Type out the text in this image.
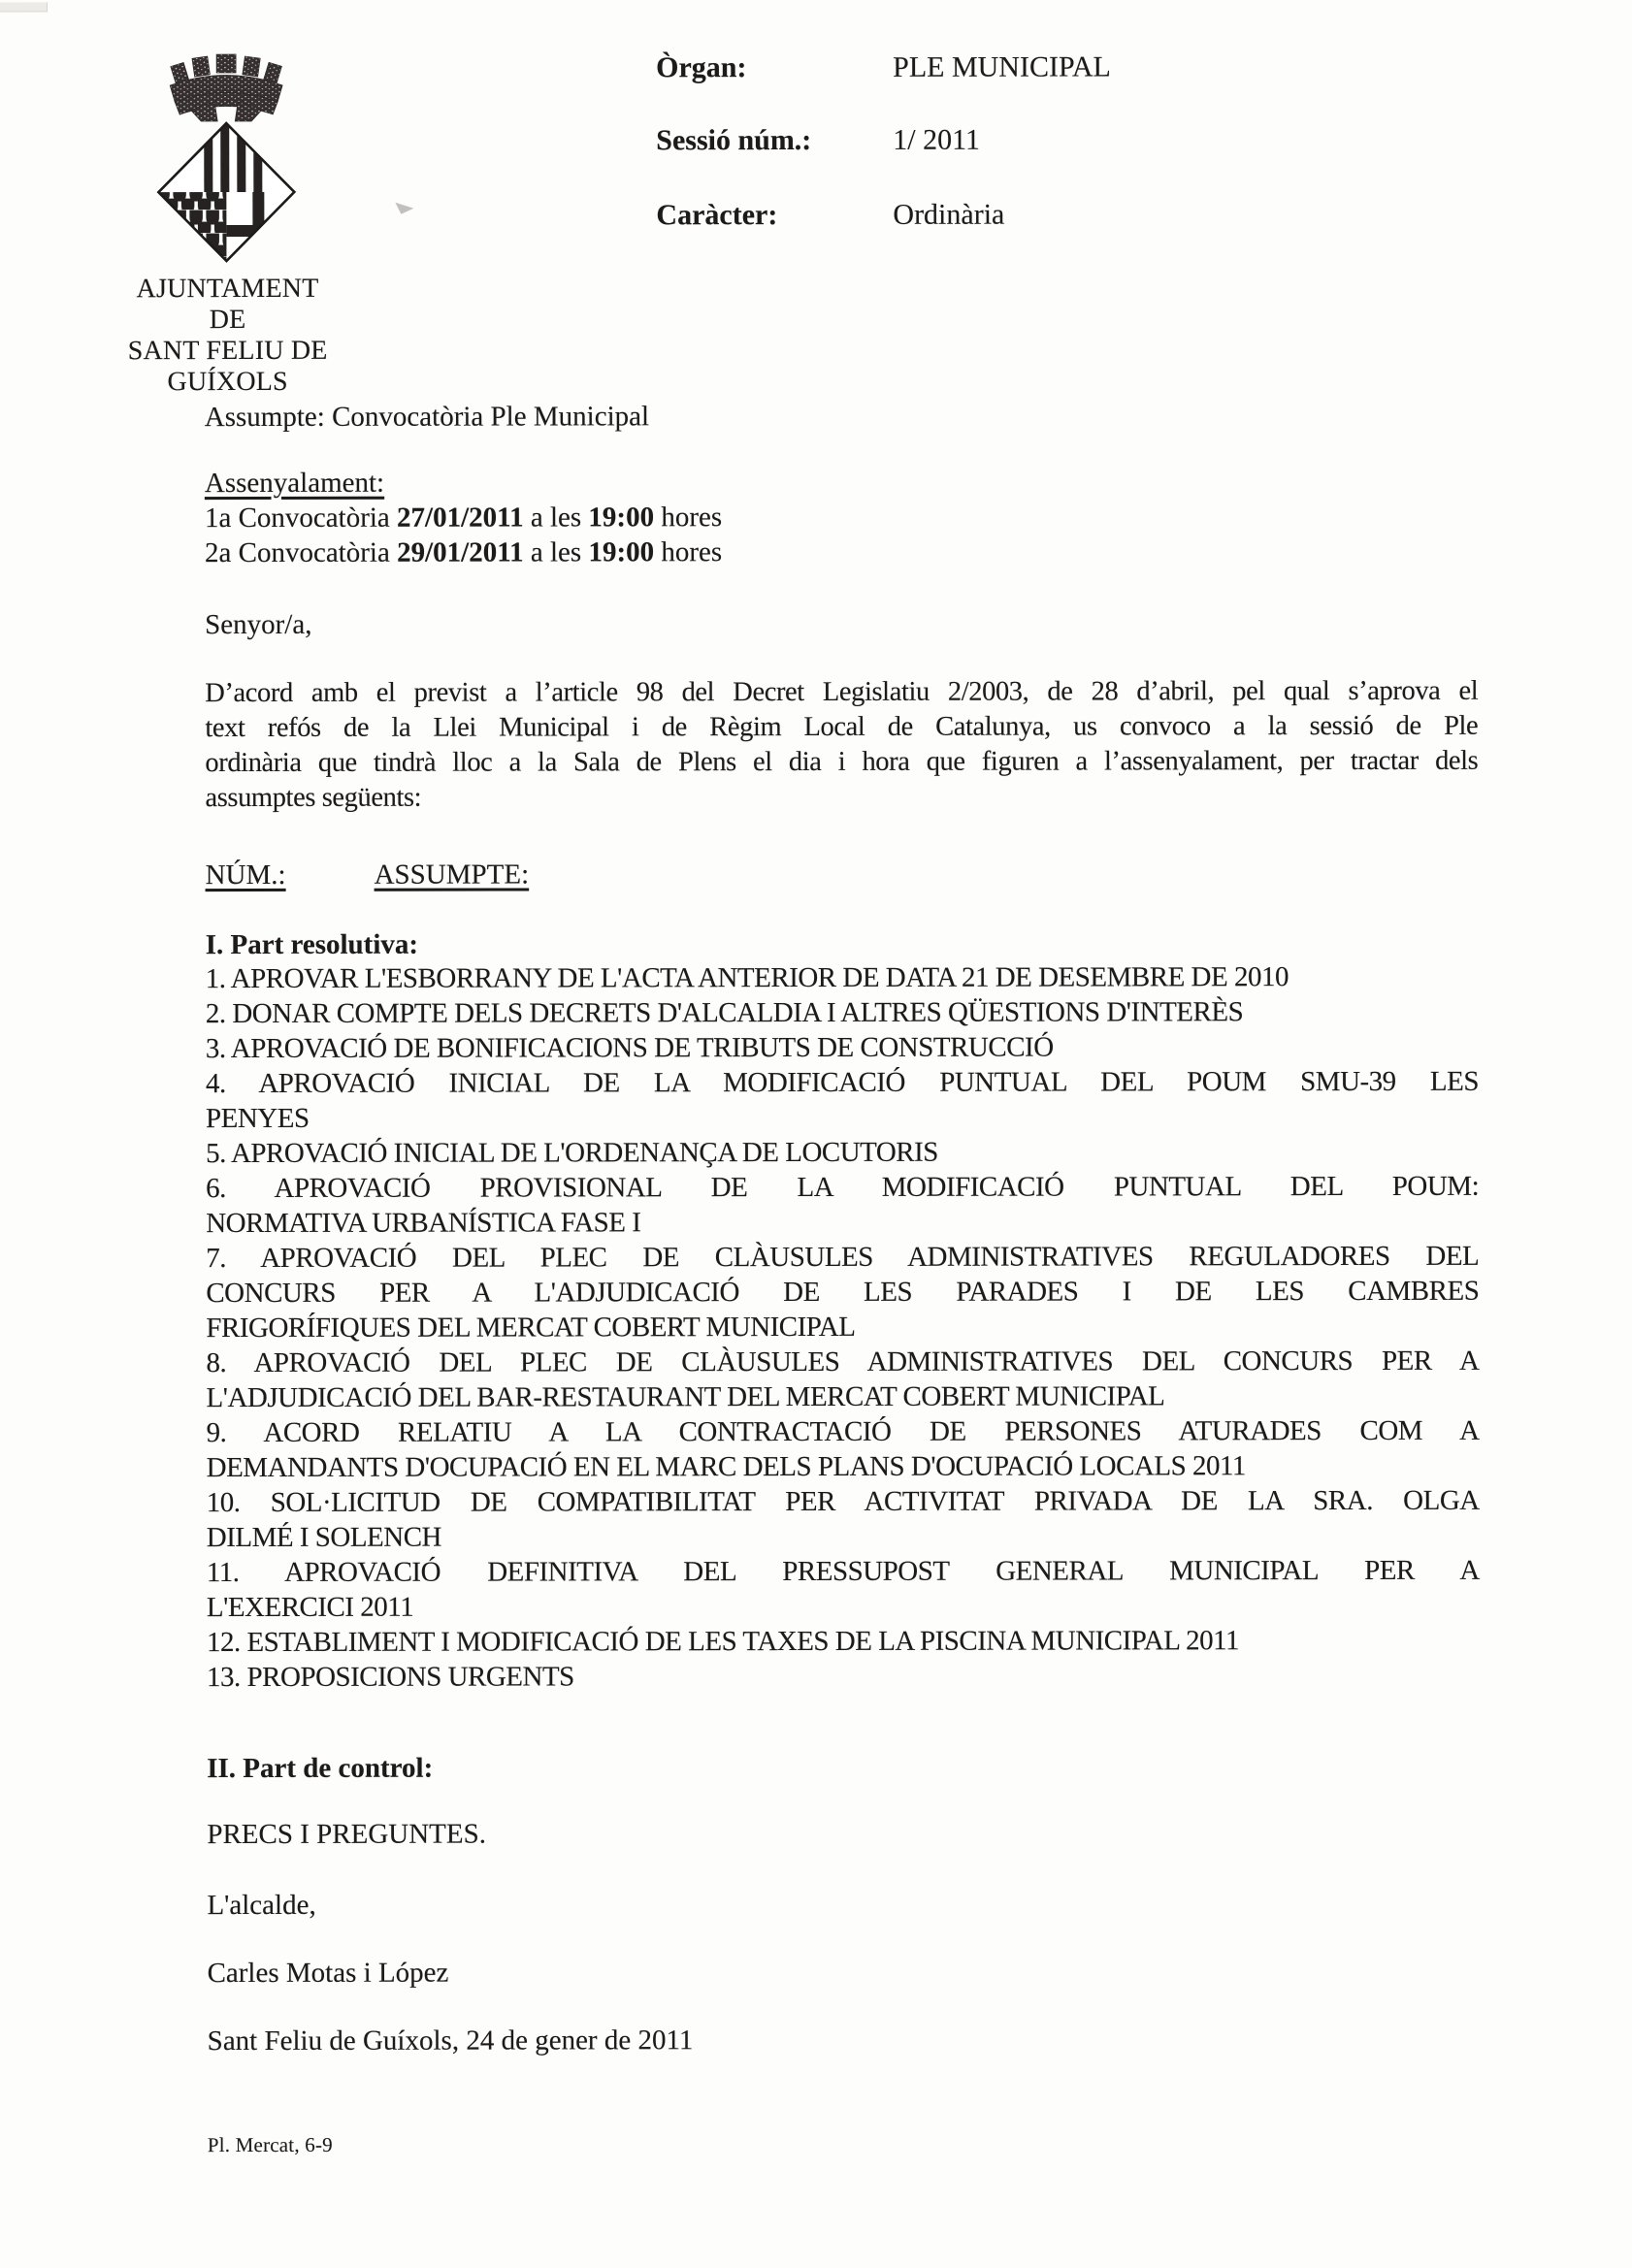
AJUNTAMENT
DE
SANT FELIU DE GUÍXOLS
Òrgan:	PLE MUNICIPAL
Sessió núm.:	1/ 2011
Caràcter:	Ordinària
Assumpte: Convocatòria Ple Municipal
Assenyalament:
1a Convocatòria 27/01/2011 a les 19:00 hores
2a Convocatòria 29/01/2011 a les 19:00 hores
Senyor/a,
D’acord amb el previst a l’article 98 del Decret Legislatiu 2/2003, de 28 d’abril, pel qual s’aprova el
text refós de la Llei Municipal i de Règim Local de Catalunya, us convoco a la sessió de Ple
ordinària que tindrà lloc a la Sala de Plens el dia i hora que figuren a l’assenyalament, per tractar dels
assumptes següents:
NÚM.:	ASSUMPTE:
I. Part resolutiva:
1. APROVAR L'ESBORRANY DE L'ACTA ANTERIOR DE DATA 21 DE DESEMBRE DE 2010
2. DONAR COMPTE DELS DECRETS D'ALCALDIA I ALTRES QÜESTIONS D'INTERÈS
3. APROVACIÓ DE BONIFICACIONS DE TRIBUTS DE CONSTRUCCIÓ
4. APROVACIÓ INICIAL DE LA MODIFICACIÓ PUNTUAL DEL POUM SMU-39 LES
PENYES
5. APROVACIÓ INICIAL DE L'ORDENANÇA DE LOCUTORIS
6. APROVACIÓ PROVISIONAL DE LA MODIFICACIÓ PUNTUAL DEL POUM:
NORMATIVA URBANÍSTICA FASE I
7. APROVACIÓ DEL PLEC DE CLÀUSULES ADMINISTRATIVES REGULADORES DEL
CONCURS PER A L'ADJUDICACIÓ DE LES PARADES I DE LES CAMBRES
FRIGORÍFIQUES DEL MERCAT COBERT MUNICIPAL
8. APROVACIÓ DEL PLEC DE CLÀUSULES ADMINISTRATIVES DEL CONCURS PER A
L'ADJUDICACIÓ DEL BAR-RESTAURANT DEL MERCAT COBERT MUNICIPAL
9. ACORD RELATIU A LA CONTRACTACIÓ DE PERSONES ATURADES COM A
DEMANDANTS D'OCUPACIÓ EN EL MARC DELS PLANS D'OCUPACIÓ LOCALS 2011
10. SOL·LICITUD DE COMPATIBILITAT PER ACTIVITAT PRIVADA DE LA SRA. OLGA
DILMÉ I SOLENCH
11. APROVACIÓ DEFINITIVA DEL PRESSUPOST GENERAL MUNICIPAL PER A
L'EXERCICI 2011
12. ESTABLIMENT I MODIFICACIÓ DE LES TAXES DE LA PISCINA MUNICIPAL 2011
13. PROPOSICIONS URGENTS
II. Part de control:
PRECS I PREGUNTES.
L'alcalde,
Carles Motas i López
Sant Feliu de Guíxols, 24 de gener de 2011
Pl. Mercat, 6-9
